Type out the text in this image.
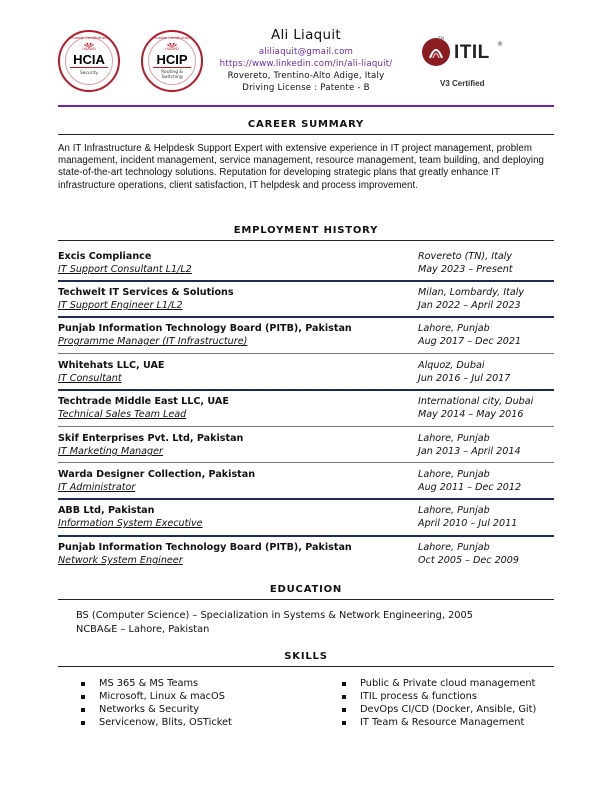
Huawei Certification
HUAWEI
HCIA
Security
Huawei Certification
HUAWEI
HCIP
Routing & Switching
Ali Liaquit
aliliaquit@gmail.com
https://www.linkedin.com/in/ali-liaquit/
Rovereto, Trentino-Alto Adige, Italy
Driving License : Patente - B
TM
ITIL ®
V3 Certified
CAREER SUMMARY
An IT Infrastructure & Helpdesk Support Expert with extensive experience in IT project management, problem management, incident management, service management, resource management, team building, and deploying state-of-the-art technology solutions. Reputation for developing strategic plans that greatly enhance IT infrastructure operations, client satisfaction, IT helpdesk and process improvement.
EMPLOYMENT HISTORY
Excis Compliance
IT Support Consultant L1/L2
Rovereto (TN), Italy
May 2023 – Present
Techwelt IT Services & Solutions
IT Support Engineer L1/L2
Milan, Lombardy, Italy
Jan 2022 – April 2023
Punjab Information Technology Board (PITB), Pakistan
Programme Manager (IT Infrastructure)
Lahore, Punjab
Aug 2017 – Dec 2021
Whitehats LLC, UAE
IT Consultant
Alquoz, Dubai
Jun 2016 – Jul 2017
Techtrade Middle East LLC, UAE
Technical Sales Team Lead
International city, Dubai
May 2014 – May 2016
Skif Enterprises Pvt. Ltd, Pakistan
IT Marketing Manager
Lahore, Punjab
Jan 2013 – April 2014
Warda Designer Collection, Pakistan
IT Administrator
Lahore, Punjab
Aug 2011 – Dec 2012
ABB Ltd, Pakistan
Information System Executive
Lahore, Punjab
April 2010 – Jul 2011
Punjab Information Technology Board (PITB), Pakistan
Network System Engineer
Lahore, Punjab
Oct 2005 – Dec 2009
EDUCATION
BS (Computer Science) – Specialization in Systems & Network Engineering, 2005
NCBA&E – Lahore, Pakistan
SKILLS
MS 365 & MS Teams
Microsoft, Linux & macOS
Networks & Security
Servicenow, Blits, OSTicket
Public & Private cloud management
ITIL process & functions
DevOps CI/CD (Docker, Ansible, Git)
IT Team & Resource Management
